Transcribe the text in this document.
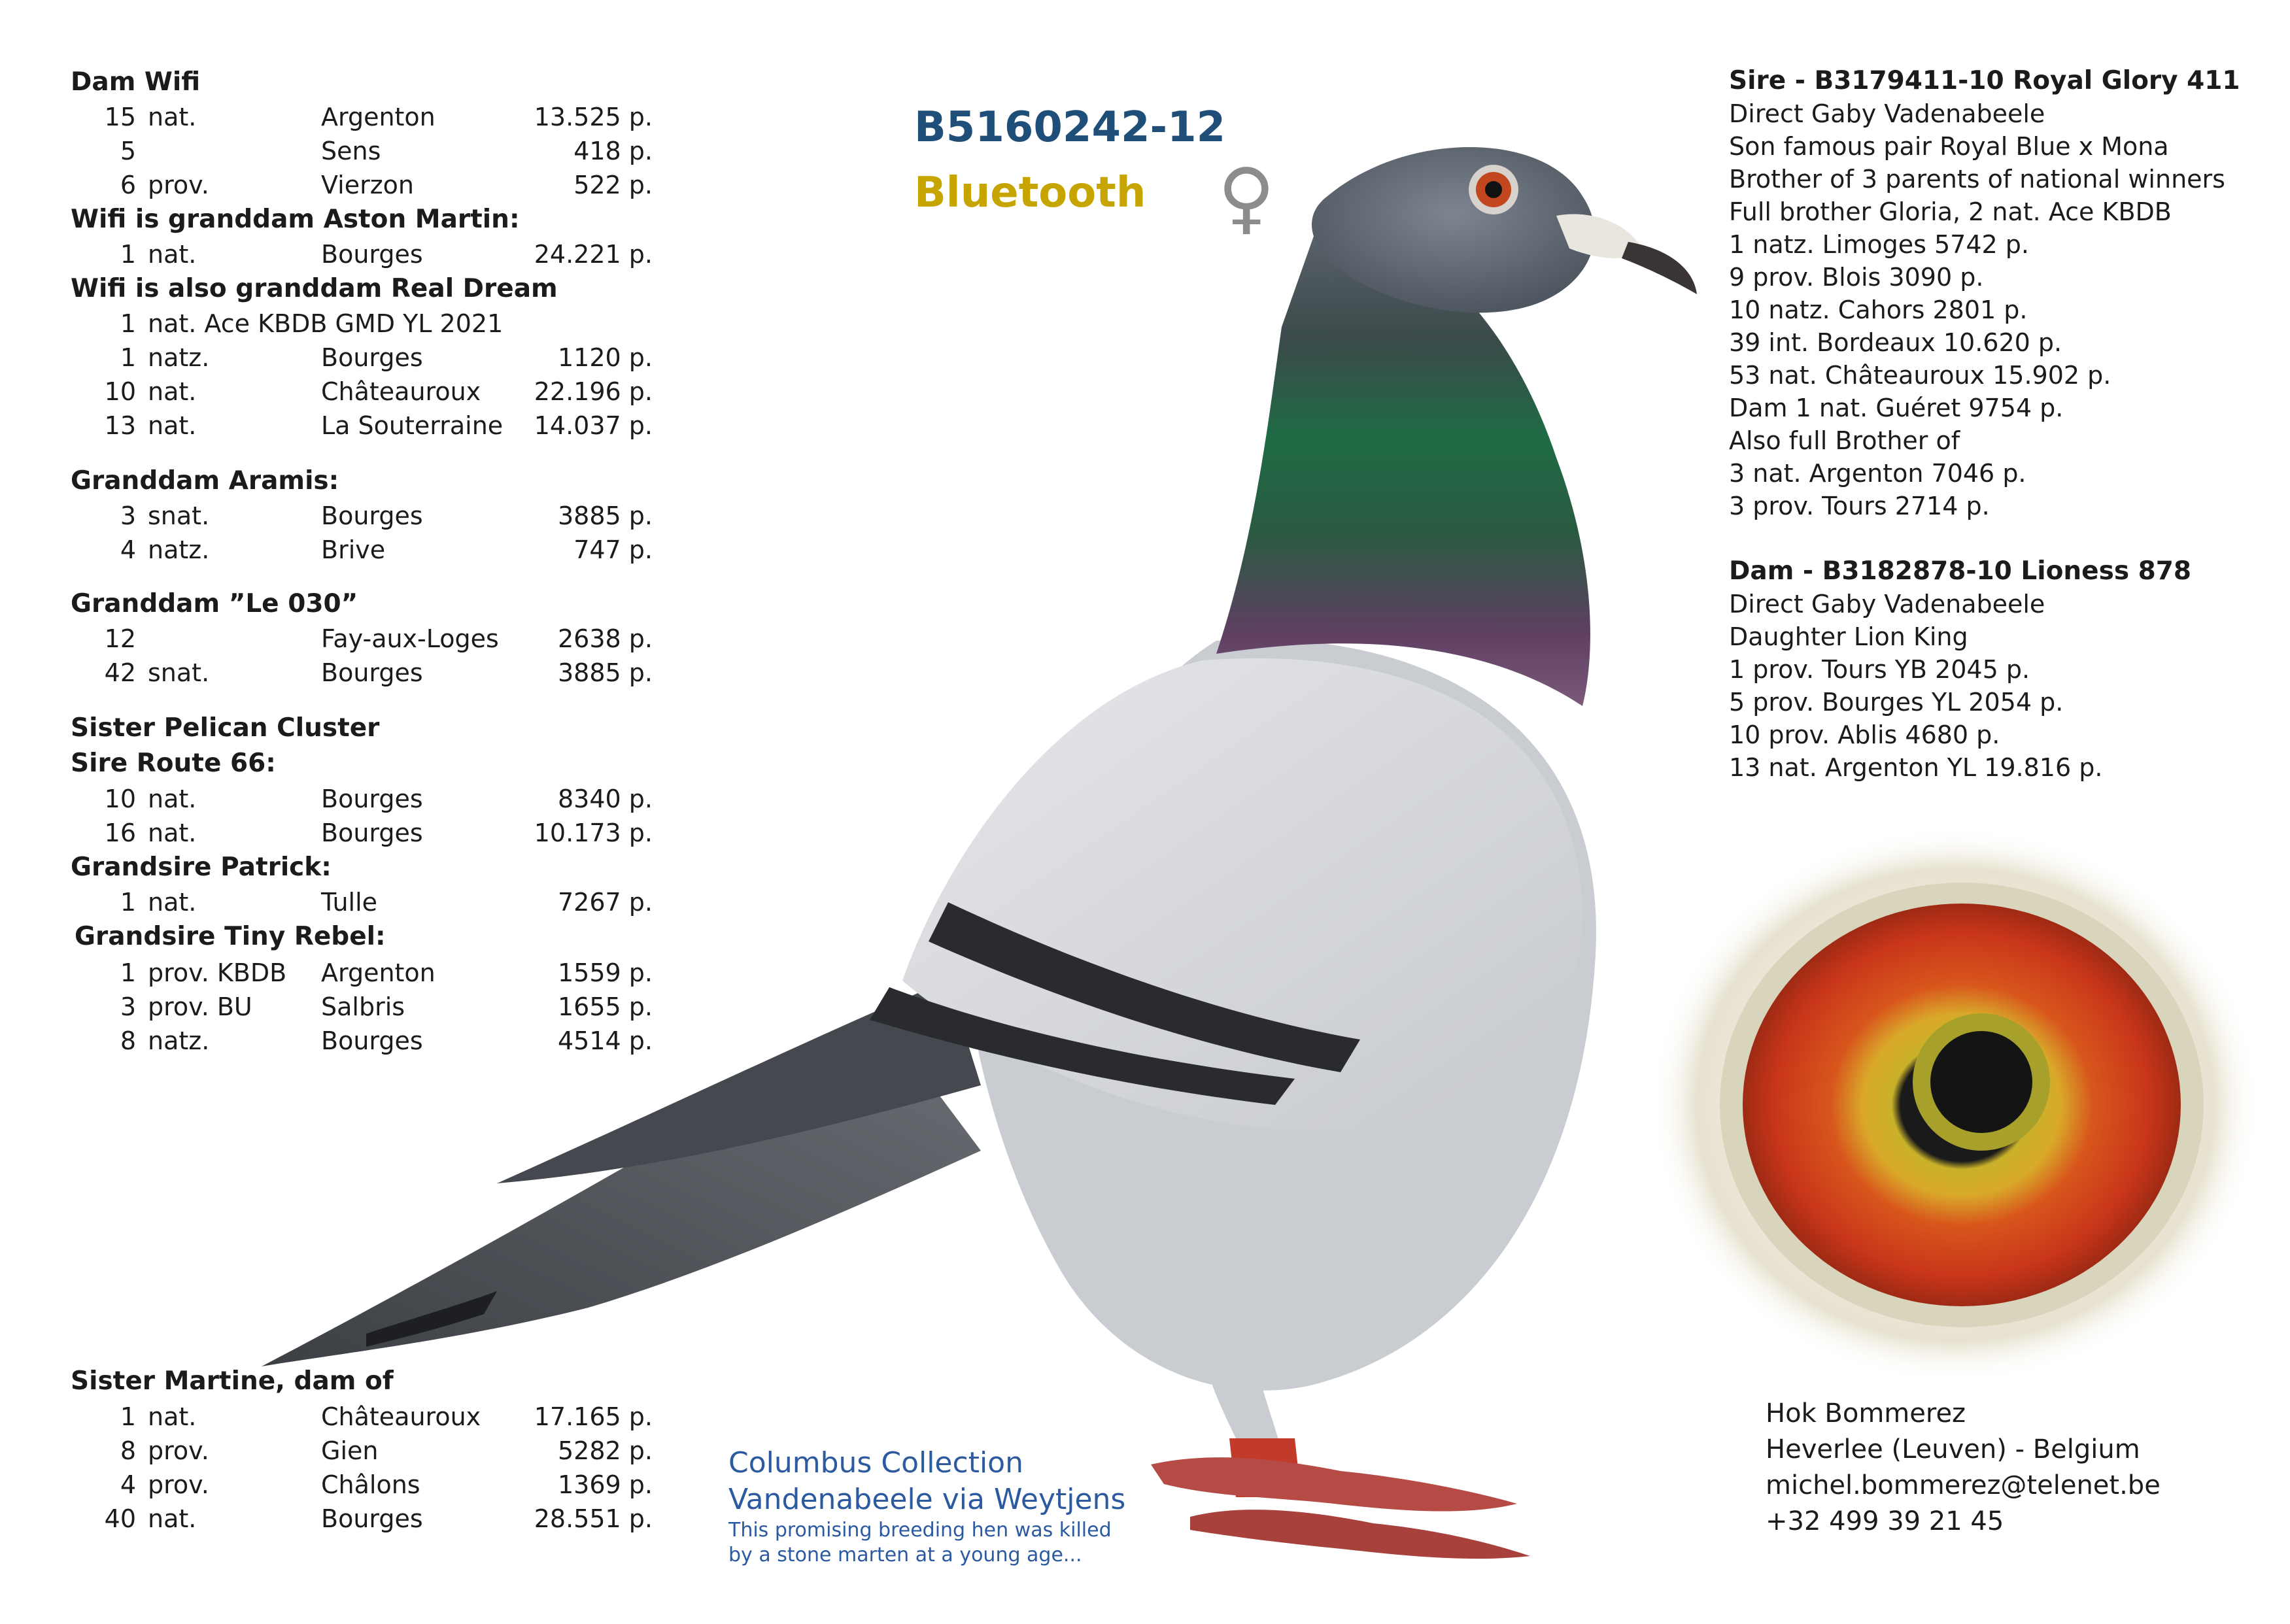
Dam Wifi
15 nat.	Argenton	13.525 p.
5	Sens	418 p.
6 prov.	Vierzon	522 p.
Wifi is granddam Aston Martin:
1 nat.	Bourges	24.221 p.
Wifi is also granddam Real Dream
1 nat. Ace KBDB GMD YL 2021
1 natz.	Bourges	1120 p.
10 nat.	Châteauroux	22.196 p.
13 nat.	La Souterraine	14.037 p.
Granddam Aramis:
3 snat.	Bourges	3885 p.
4 natz.	Brive	747 p.
Granddam ”Le 030”
12	Fay-aux-Loges	2638 p.
42 snat.	Bourges	3885 p.
Sister Pelican Cluster
Sire Route 66:
10 nat.	Bourges	8340 p.
16 nat.	Bourges	10.173 p.
Grandsire Patrick:
1 nat.	Tulle	7267 p.
Grandsire Tiny Rebel:
1 prov. KBDB Argenton	1559 p.
3 prov. BU	Salbris	1655 p.
8 natz.	Bourges	4514 p.
Sister Martine, dam of
1 nat.	Châteauroux	17.165 p.
8 prov.	Gien	5282 p.
4 prov.	Châlons	1369 p.
40 nat.	Bourges	28.551 p.
B5160242-12
Bluetooth ♀
Sire - B3179411-10 Royal Glory 411
Direct Gaby Vadenabeele
Son famous pair Royal Blue x Mona
Brother of 3 parents of national winners
Full brother Gloria, 2 nat. Ace KBDB
1 natz. Limoges 5742 p.
9 prov. Blois 3090 p.
10 natz. Cahors 2801 p.
39 int. Bordeaux 10.620 p.
53 nat. Châteauroux 15.902 p.
Dam 1 nat. Guéret 9754 p.
Also full Brother of
3 nat. Argenton 7046 p.
3 prov. Tours 2714 p.
Dam - B3182878-10 Lioness 878
Direct Gaby Vadenabeele
Daughter Lion King
1 prov. Tours YB 2045 p.
5 prov. Bourges YL 2054 p.
10 prov. Ablis 4680 p.
13 nat. Argenton YL 19.816 p.
Columbus Collection
Vandenabeele via Weytjens
This promising breeding hen was killed
by a stone marten at a young age...
Hok Bommerez
Heverlee (Leuven) - Belgium
michel.bommerez@telenet.be
+32 499 39 21 45
